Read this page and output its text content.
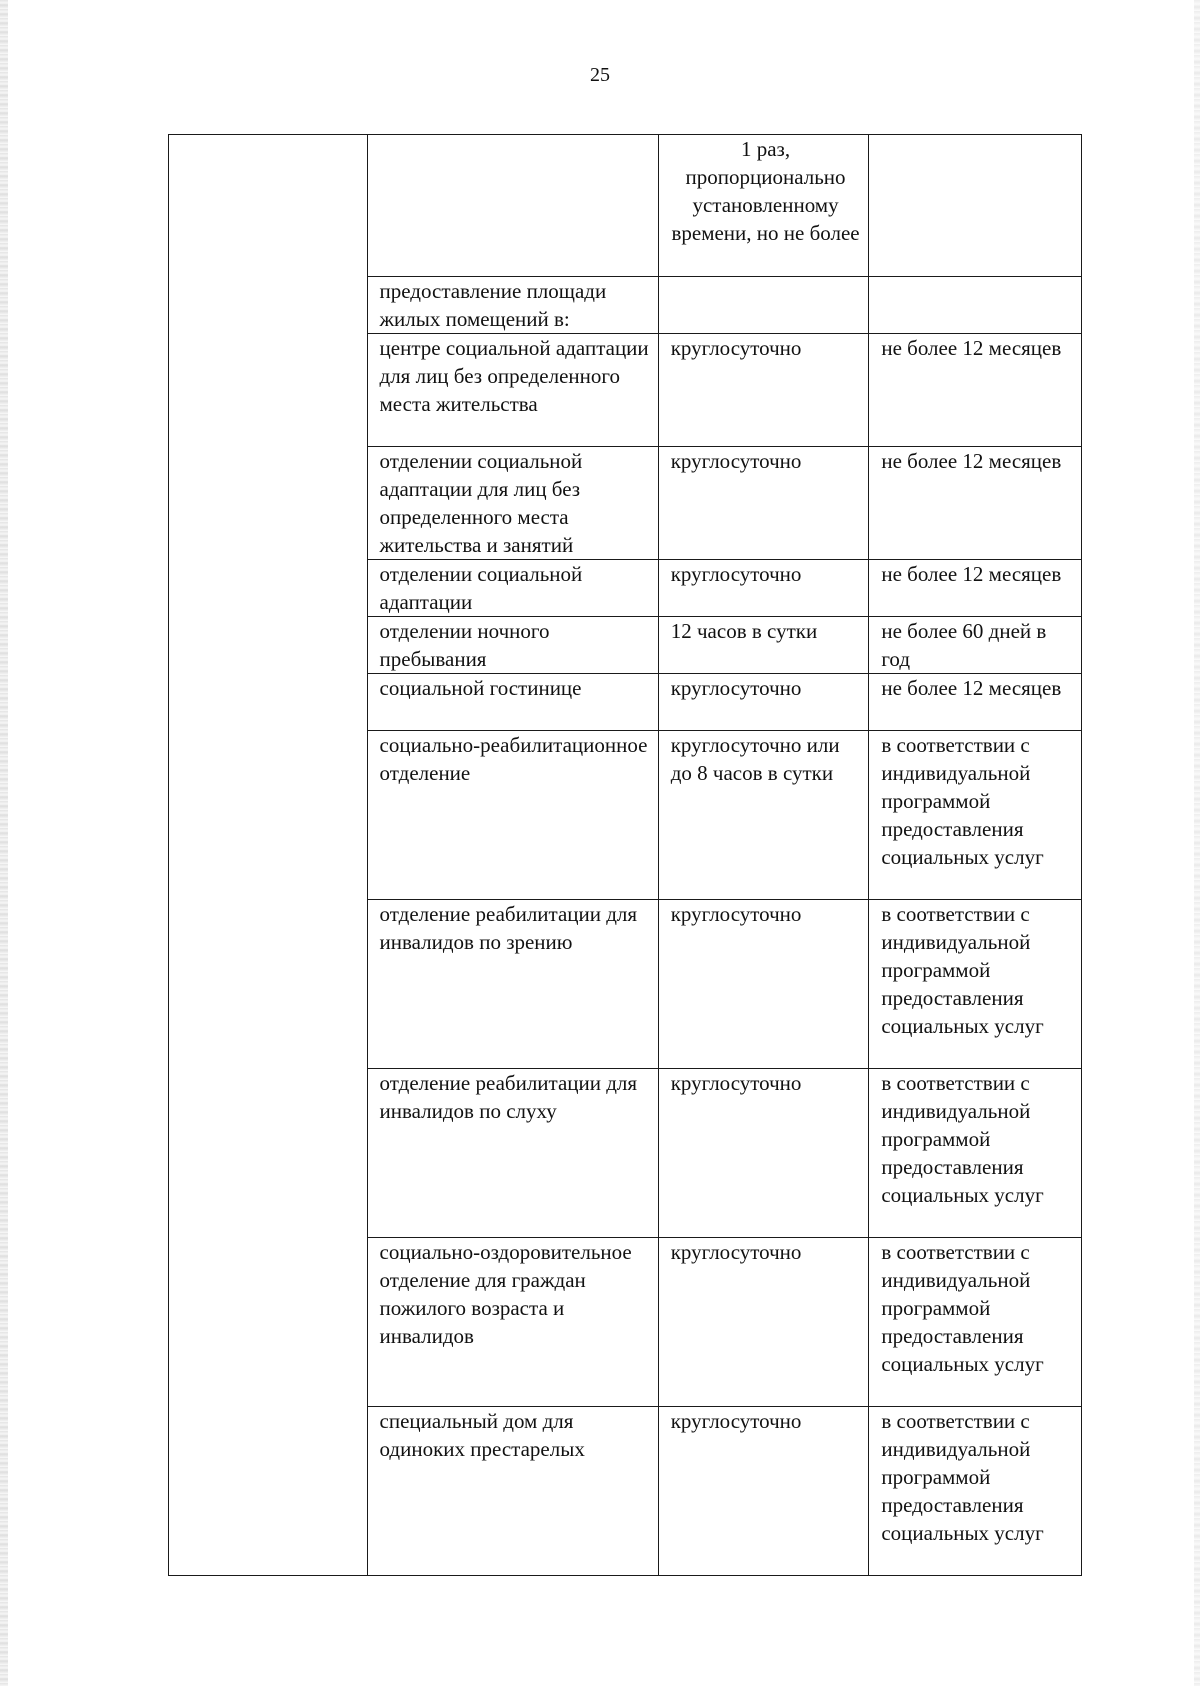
25

		1 раз, пропорционально установленному времени, но не более	

	предоставление площади жилых помещений в:		

	центре социальной адаптации для лиц без определенного места жительства	круглосуточно	не более 12 месяцев

	отделении социальной адаптации для лиц без определенного места жительства и занятий	круглосуточно	не более 12 месяцев

	отделении социальной адаптации	круглосуточно	не более 12 месяцев

	отделении ночного пребывания	12 часов в сутки	не более 60 дней в год

	социальной гостинице	круглосуточно	не более 12 месяцев

	социально-реабилитационное отделение	круглосуточно или до 8 часов в сутки	в соответствии с индивидуальной программой предоставления социальных услуг

	отделение реабилитации для инвалидов по зрению	круглосуточно	в соответствии с индивидуальной программой предоставления социальных услуг

	отделение реабилитации для инвалидов по слуху	круглосуточно	в соответствии с индивидуальной программой предоставления социальных услуг

	социально-оздоровительное отделение для граждан пожилого возраста и инвалидов	круглосуточно	в соответствии с индивидуальной программой предоставления социальных услуг

	специальный дом для одиноких престарелых	круглосуточно	в соответствии с индивидуальной программой предоставления социальных услуг
